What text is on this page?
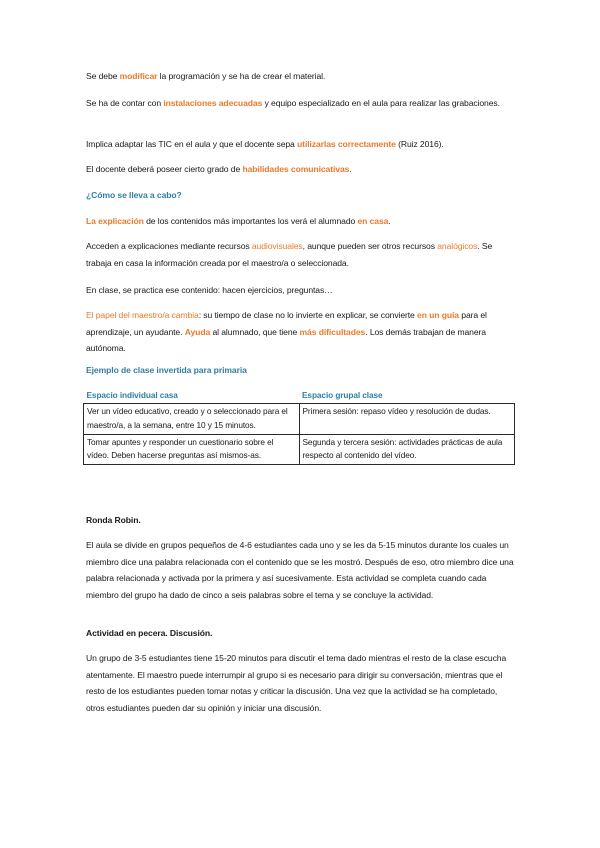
Se debe modificar la programación y se ha de crear el material.

Se ha de contar con instalaciones adecuadas y equipo especializado en el aula para realizar las grabaciones.

Implica adaptar las TIC en el aula y que el docente sepa utilizarlas correctamente (Ruiz 2016).

El docente deberá poseer cierto grado de habilidades comunicativas.

¿Cómo se lleva a cabo?

La explicación de los contenidos más importantes los verá el alumnado en casa.

Acceden a explicaciones mediante recursos audiovisuales, aunque pueden ser otros recursos analógicos. Se trabaja en casa la información creada por el maestro/a o seleccionada.

En clase, se practica ese contenido: hacen ejercicios, preguntas…

El papel del maestro/a cambia: su tiempo de clase no lo invierte en explicar, se convierte en un guía para el aprendizaje, un ayudante. Ayuda al alumnado, que tiene más dificultades. Los demás trabajan de manera autónoma.

Ejemplo de clase invertida para primaria

Espacio individual casa	Espacio grupal clase
Ver un vídeo educativo, creado y o seleccionado para el maestro/a, a la semana, entre 10 y 15 minutos.	Primera sesión: repaso vídeo y resolución de dudas.
Tomar apuntes y responder un cuestionario sobre el vídeo. Deben hacerse preguntas así mismos-as.	Segunda y tercera sesión: actividades prácticas de aula respecto al contenido del vídeo.

Ronda Robin.

El aula se divide en grupos pequeños de 4-6 estudiantes cada uno y se les da 5-15 minutos durante los cuales un miembro dice una palabra relacionada con el contenido que se les mostró. Después de eso, otro miembro dice una palabra relacionada y activada por la primera y así sucesivamente. Esta actividad se completa cuando cada miembro del grupo ha dado de cinco a seis palabras sobre el tema y se concluye la actividad.

Actividad en pecera. Discusión.

Un grupo de 3-5 estudiantes tiene 15-20 minutos para discutir el tema dado mientras el resto de la clase escucha atentamente. El maestro puede interrumpir al grupo si es necesario para dirigir su conversación, mientras que el resto de los estudiantes pueden tomar notas y criticar la discusión. Una vez que la actividad se ha completado, otros estudiantes pueden dar su opinión y iniciar una discusión.
